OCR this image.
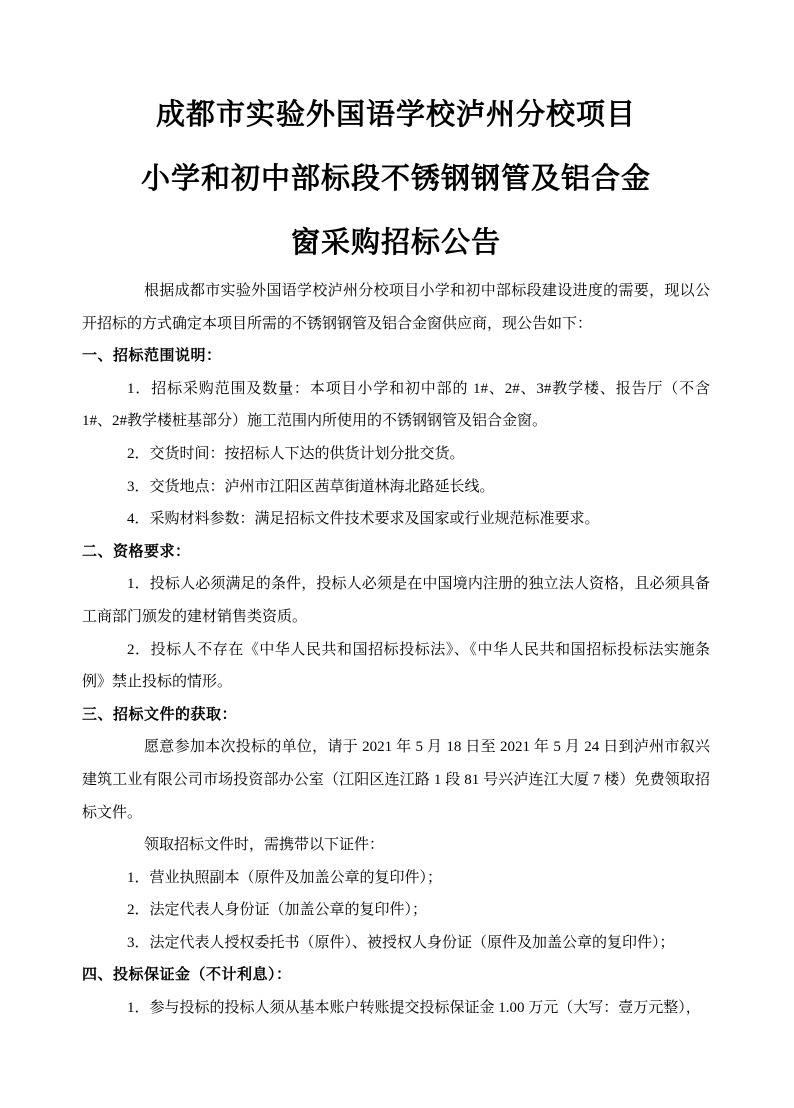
成都市实验外国语学校泸州分校项目
小学和初中部标段不锈钢钢管及铝合金
窗采购招标公告

根据成都市实验外国语学校泸州分校项目小学和初中部标段建设进度的需要，现以公开招标的方式确定本项目所需的不锈钢钢管及铝合金窗供应商，现公告如下：

一、招标范围说明：

1．招标采购范围及数量：本项目小学和初中部的 1#、2#、3#教学楼、报告厅（不含 1#、2#教学楼桩基部分）施工范围内所使用的不锈钢钢管及铝合金窗。

2．交货时间：按招标人下达的供货计划分批交货。

3．交货地点：泸州市江阳区茜草街道林海北路延长线。

4．采购材料参数：满足招标文件技术要求及国家或行业规范标准要求。

二、资格要求：

1．投标人必须满足的条件，投标人必须是在中国境内注册的独立法人资格，且必须具备工商部门颁发的建材销售类资质。

2．投标人不存在《中华人民共和国招标投标法》、《中华人民共和国招标投标法实施条例》禁止投标的情形。

三、招标文件的获取：

愿意参加本次投标的单位，请于 2021 年 5 月 18 日至 2021 年 5 月 24 日到泸州市叙兴建筑工业有限公司市场投资部办公室（江阳区连江路 1 段 81 号兴泸连江大厦 7 楼）免费领取招标文件。

领取招标文件时，需携带以下证件：

1．营业执照副本（原件及加盖公章的复印件）；

2．法定代表人身份证（加盖公章的复印件）；

3．法定代表人授权委托书（原件）、被授权人身份证（原件及加盖公章的复印件）；

四、投标保证金（不计利息）：

1．参与投标的投标人须从基本账户转账提交投标保证金 1.00 万元（大写：壹万元整），
